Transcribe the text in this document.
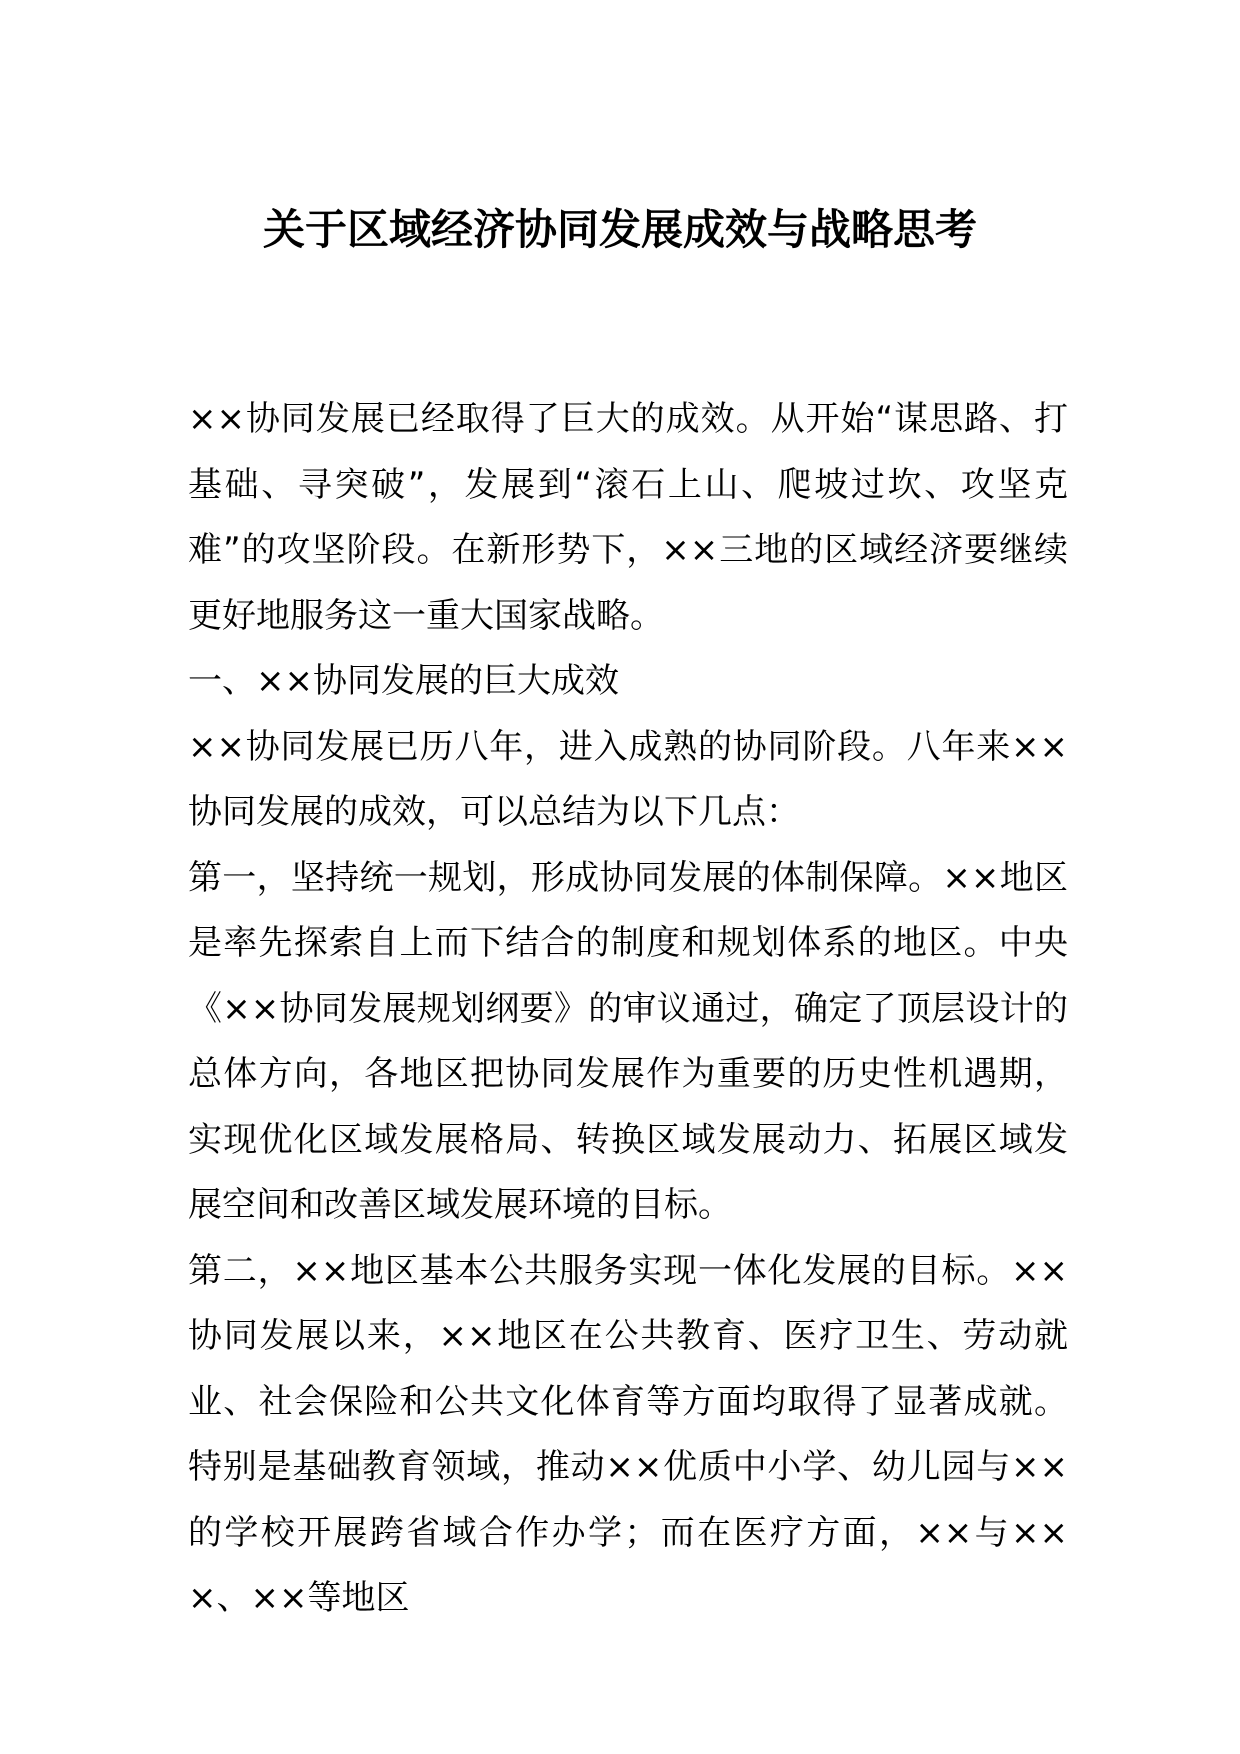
关于区域经济协同发展成效与战略思考

××协同发展已经取得了巨大的成效。从开始“谋思路、打基础、寻突破”，发展到“滚石上山、爬坡过坎、攻坚克难”的攻坚阶段。在新形势下，××三地的区域经济要继续更好地服务这一重大国家战略。

一、××协同发展的巨大成效

××协同发展已历八年，进入成熟的协同阶段。八年来××协同发展的成效，可以总结为以下几点：

第一，坚持统一规划，形成协同发展的体制保障。××地区是率先探索自上而下结合的制度和规划体系的地区。中央《××协同发展规划纲要》的审议通过，确定了顶层设计的总体方向，各地区把协同发展作为重要的历史性机遇期，实现优化区域发展格局、转换区域发展动力、拓展区域发展空间和改善区域发展环境的目标。

第二，××地区基本公共服务实现一体化发展的目标。××协同发展以来，××地区在公共教育、医疗卫生、劳动就业、社会保险和公共文化体育等方面均取得了显著成就。特别是基础教育领域，推动××优质中小学、幼儿园与××的学校开展跨省域合作办学；而在医疗方面，××与×××、××等地区
